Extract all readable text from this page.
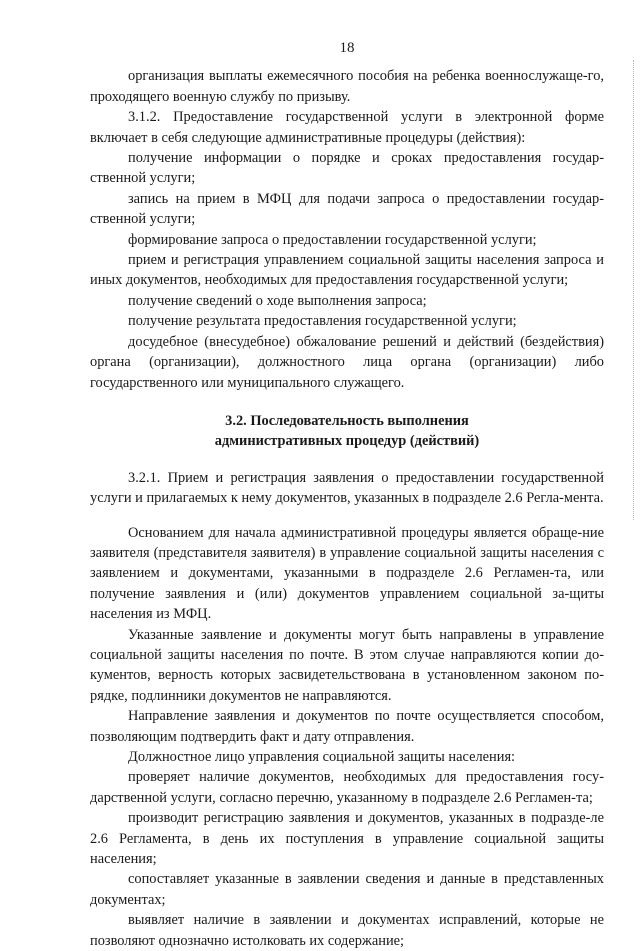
18

организация выплаты ежемесячного пособия на ребенка военнослужаще-го, проходящего военную службу по призыву.

3.1.2. Предоставление государственной услуги в электронной форме включает в себя следующие административные процедуры (действия):

получение информации о порядке и сроках предоставления государ-ственной услуги;

запись на прием в МФЦ для подачи запроса о предоставлении государ-ственной услуги;

формирование запроса о предоставлении государственной услуги;

прием и регистрация управлением социальной защиты населения запроса и иных документов, необходимых для предоставления государственной услуги;

получение сведений о ходе выполнения запроса;

получение результата предоставления государственной услуги;

досудебное (внесудебное) обжалование решений и действий (бездействия) органа (организации), должностного лица органа (организации) либо государственного или муниципального служащего.

3.2. Последовательность выполнения
административных процедур (действий)

3.2.1. Прием и регистрация заявления о предоставлении государственной услуги и прилагаемых к нему документов, указанных в подразделе 2.6 Регла-мента.

Основанием для начала административной процедуры является обраще-ние заявителя (представителя заявителя) в управление социальной защиты населения с заявлением и документами, указанными в подразделе 2.6 Регламен-та, или получение заявления и (или) документов управлением социальной за-щиты населения из МФЦ.

Указанные заявление и документы могут быть направлены в управление социальной защиты населения по почте. В этом случае направляются копии до-кументов, верность которых засвидетельствована в установленном законом по-рядке, подлинники документов не направляются.

Направление заявления и документов по почте осуществляется способом, позволяющим подтвердить факт и дату отправления.

Должностное лицо управления социальной защиты населения:

проверяет наличие документов, необходимых для предоставления госу-дарственной услуги, согласно перечню, указанному в подразделе 2.6 Регламен-та;

производит регистрацию заявления и документов, указанных в подразде-ле 2.6 Регламента, в день их поступления в управление социальной защиты населения;

сопоставляет указанные в заявлении сведения и данные в представленных документах;

выявляет наличие в заявлении и документах исправлений, которые не позволяют однозначно истолковать их содержание;
